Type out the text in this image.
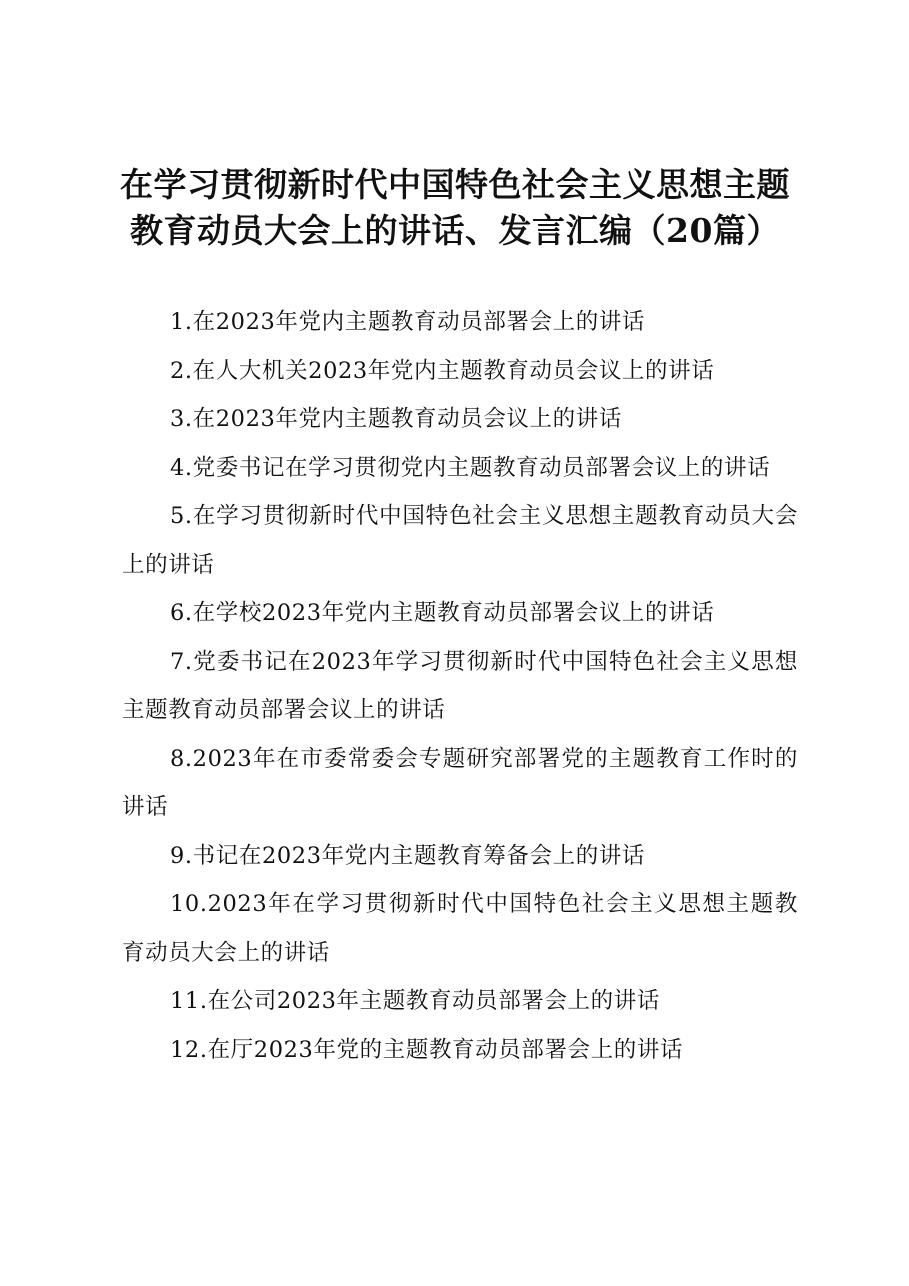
在学习贯彻新时代中国特色社会主义思想主题
教育动员大会上的讲话、发言汇编（20篇）
1.在2023年党内主题教育动员部署会上的讲话
2.在人大机关2023年党内主题教育动员会议上的讲话
3.在2023年党内主题教育动员会议上的讲话
4.党委书记在学习贯彻党内主题教育动员部署会议上的讲话
5.在学习贯彻新时代中国特色社会主义思想主题教育动员大会上的讲话
6.在学校2023年党内主题教育动员部署会议上的讲话
7.党委书记在2023年学习贯彻新时代中国特色社会主义思想主题教育动员部署会议上的讲话
8.2023年在市委常委会专题研究部署党的主题教育工作时的讲话
9.书记在2023年党内主题教育筹备会上的讲话
10.2023年在学习贯彻新时代中国特色社会主义思想主题教育动员大会上的讲话
11.在公司2023年主题教育动员部署会上的讲话
12.在厅2023年党的主题教育动员部署会上的讲话
